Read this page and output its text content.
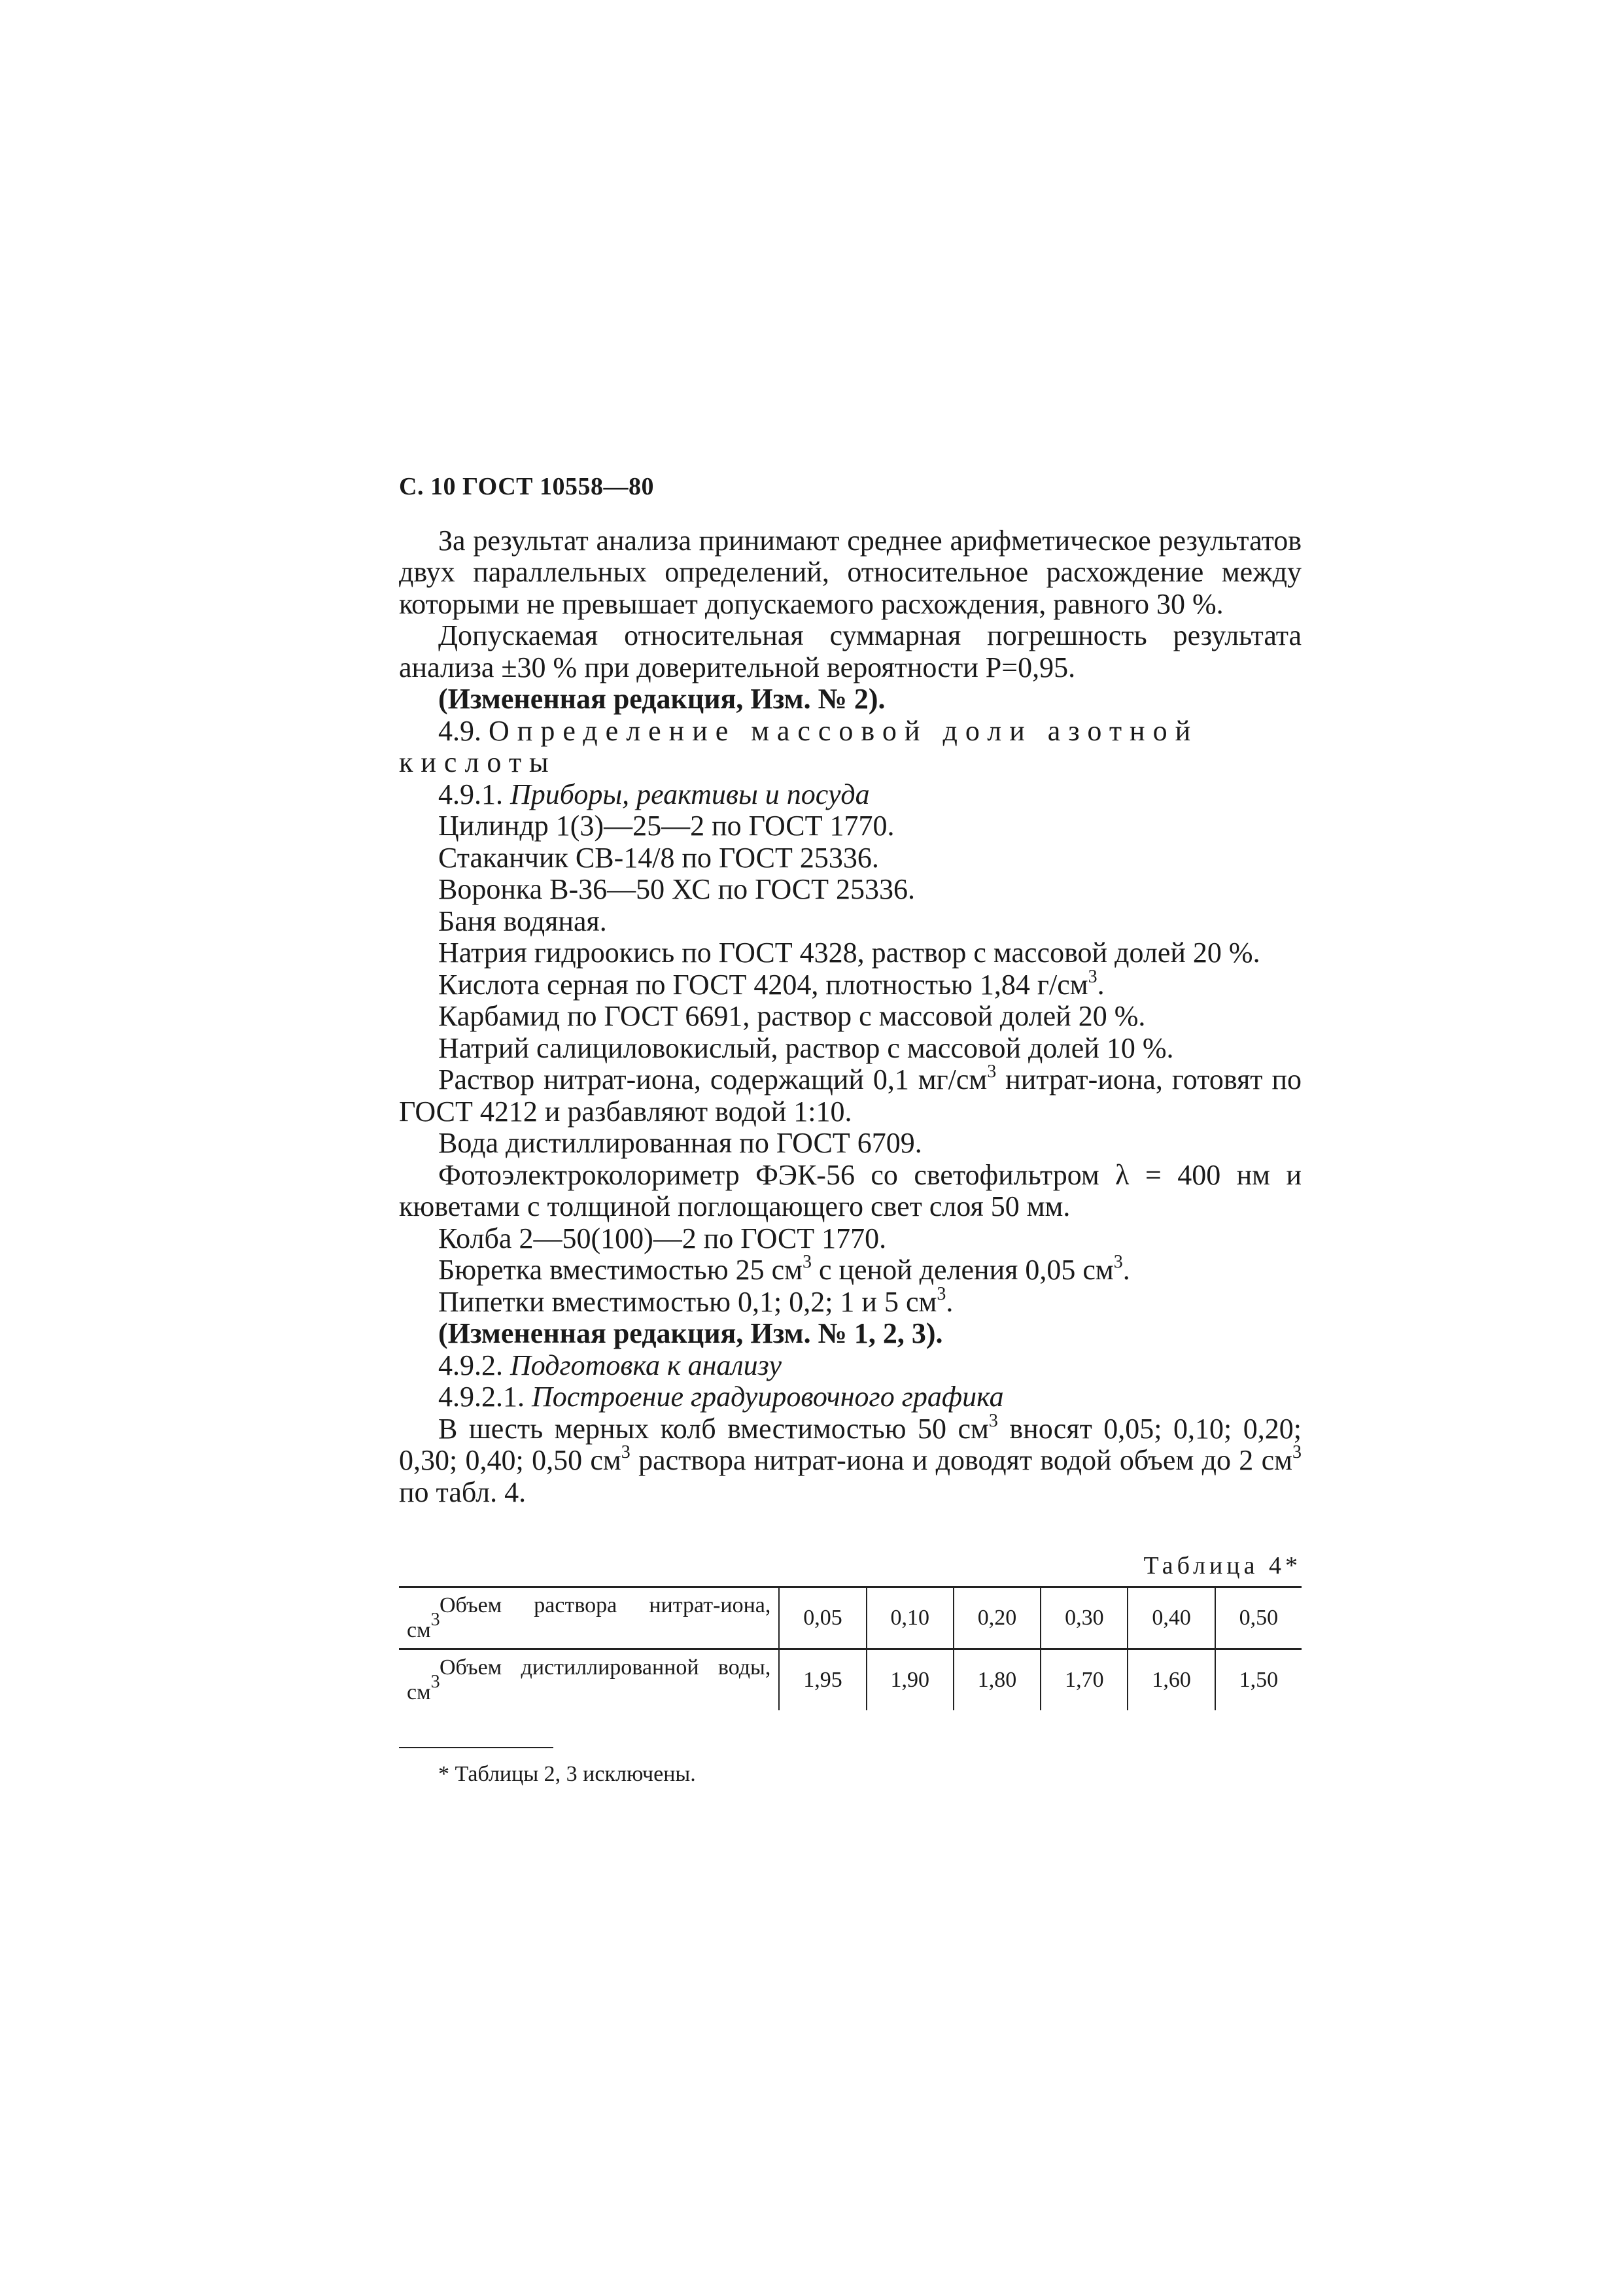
С. 10 ГОСТ 10558—80

За результат анализа принимают среднее арифметическое результатов двух параллельных определений, относительное расхождение между которыми не превышает допускаемого расхождения, равного 30 %.

Допускаемая относительная суммарная погрешность результата анализа ±30 % при доверительной вероятности P=0,95.

(Измененная редакция, Изм. № 2).

4.9. Определение массовой доли азотной кислоты

4.9.1. Приборы, реактивы и посуда

Цилиндр 1(3)—25—2 по ГОСТ 1770.
Стаканчик СВ-14/8 по ГОСТ 25336.
Воронка В-36—50 ХС по ГОСТ 25336.
Баня водяная.
Натрия гидроокись по ГОСТ 4328, раствор с массовой долей 20 %.
Кислота серная по ГОСТ 4204, плотностью 1,84 $г/см^3$.
Карбамид по ГОСТ 6691, раствор с массовой долей 20 %.
Натрий салициловокислый, раствор с массовой долей 10 %.

Раствор нитрат-иона, содержащий 0,1 $мг/см^3$ нитрат-иона, готовят по ГОСТ 4212 и разбавляют водой 1:10.

Вода дистиллированная по ГОСТ 6709.

Фотоэлектроколориметр ФЭК-56 со светофильтром λ = 400 нм и кюветами с толщиной поглощающего свет слоя 50 мм.

Колба 2—50(100)—2 по ГОСТ 1770.
Бюретка вместимостью 25 $см^3$ с ценой деления 0,05 $см^3$.
Пипетки вместимостью 0,1; 0,2; 1 и 5 $см^3$.

(Измененная редакция, Изм. № 1, 2, 3).

4.9.2. Подготовка к анализу

4.9.2.1. Построение градуировочного графика

В шесть мерных колб вместимостью 50 $см^3$ вносят 0,05; 0,10; 0,20; 0,30; 0,40; 0,50 $см^3$ раствора нитрат-иона и доводят водой объем до 2 $см^3$ по табл. 4.

Таблица 4*
Объем раствора нитрат-иона,
$см^3$	0,05	0,10	0,20	0,30	0,40	0,50

Объем дистиллированной воды,
$см^3$	1,95	1,90	1,80	1,70	1,60	1,50
* Таблицы 2, 3 исключены.
